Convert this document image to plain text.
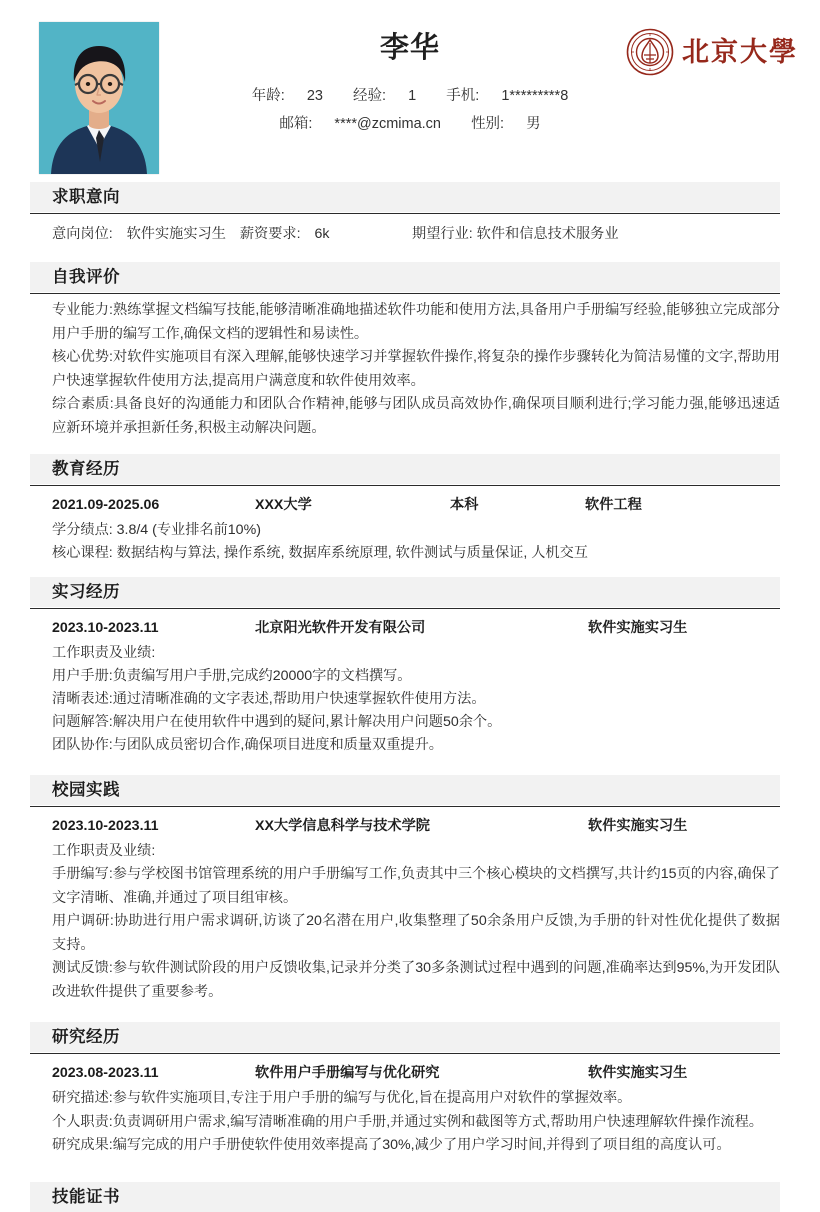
李华
年龄: 23 经验: 1 手机: 1*********8
邮箱: ****@zcmima.cn 性别: 男
北京大學
求职意向
意向岗位: 软件实施实习生 薪资要求: 6k	期望行业: 软件和信息技术服务业
自我评价

专业能力:熟练掌握文档编写技能,能够清晰准确地描述软件功能和使用方法,具备用户手册编写经验,能够独立完成部分用户手册的编写工作,确保文档的逻辑性和易读性。

核心优势:对软件实施项目有深入理解,能够快速学习并掌握软件操作,将复杂的操作步骤转化为简洁易懂的文字,帮助用户快速掌握软件使用方法,提高用户满意度和软件使用效率。

综合素质:具备良好的沟通能力和团队合作精神,能够与团队成员高效协作,确保项目顺利进行;学习能力强,能够迅速适应新环境并承担新任务,积极主动解决问题。

教育经历
2021.09-2025.06	XXX大学	本科	软件工程
学分绩点: 3.8/4 (专业排名前10%)
核心课程: 数据结构与算法, 操作系统, 数据库系统原理, 软件测试与质量保证, 人机交互
实习经历
2023.10-2023.11	北京阳光软件开发有限公司	软件实施实习生
工作职责及业绩:
用户手册:负责编写用户手册,完成约20000字的文档撰写。
清晰表述:通过清晰准确的文字表述,帮助用户快速掌握软件使用方法。
问题解答:解决用户在使用软件中遇到的疑问,累计解决用户问题50余个。
团队协作:与团队成员密切合作,确保项目进度和质量双重提升。
校园实践
2023.10-2023.11	XX大学信息科学与技术学院	软件实施实习生
工作职责及业绩:

手册编写:参与学校图书馆管理系统的用户手册编写工作,负责其中三个核心模块的文档撰写,共计约15页的内容,确保了文字清晰、准确,并通过了项目组审核。

用户调研:协助进行用户需求调研,访谈了20名潜在用户,收集整理了50余条用户反馈,为手册的针对性优化提供了数据支持。

测试反馈:参与软件测试阶段的用户反馈收集,记录并分类了30多条测试过程中遇到的问题,准确率达到95%,为开发团队改进软件提供了重要参考。

研究经历
2023.08-2023.11	软件用户手册编写与优化研究	软件实施实习生

研究描述:参与软件实施项目,专注于用户手册的编写与优化,旨在提高用户对软件的掌握效率。

个人职责:负责调研用户需求,编写清晰准确的用户手册,并通过实例和截图等方式,帮助用户快速理解软件操作流程。

研究成果:编写完成的用户手册使软件使用效率提高了30%,减少了用户学习时间,并得到了项目组的高度认可。

技能证书
